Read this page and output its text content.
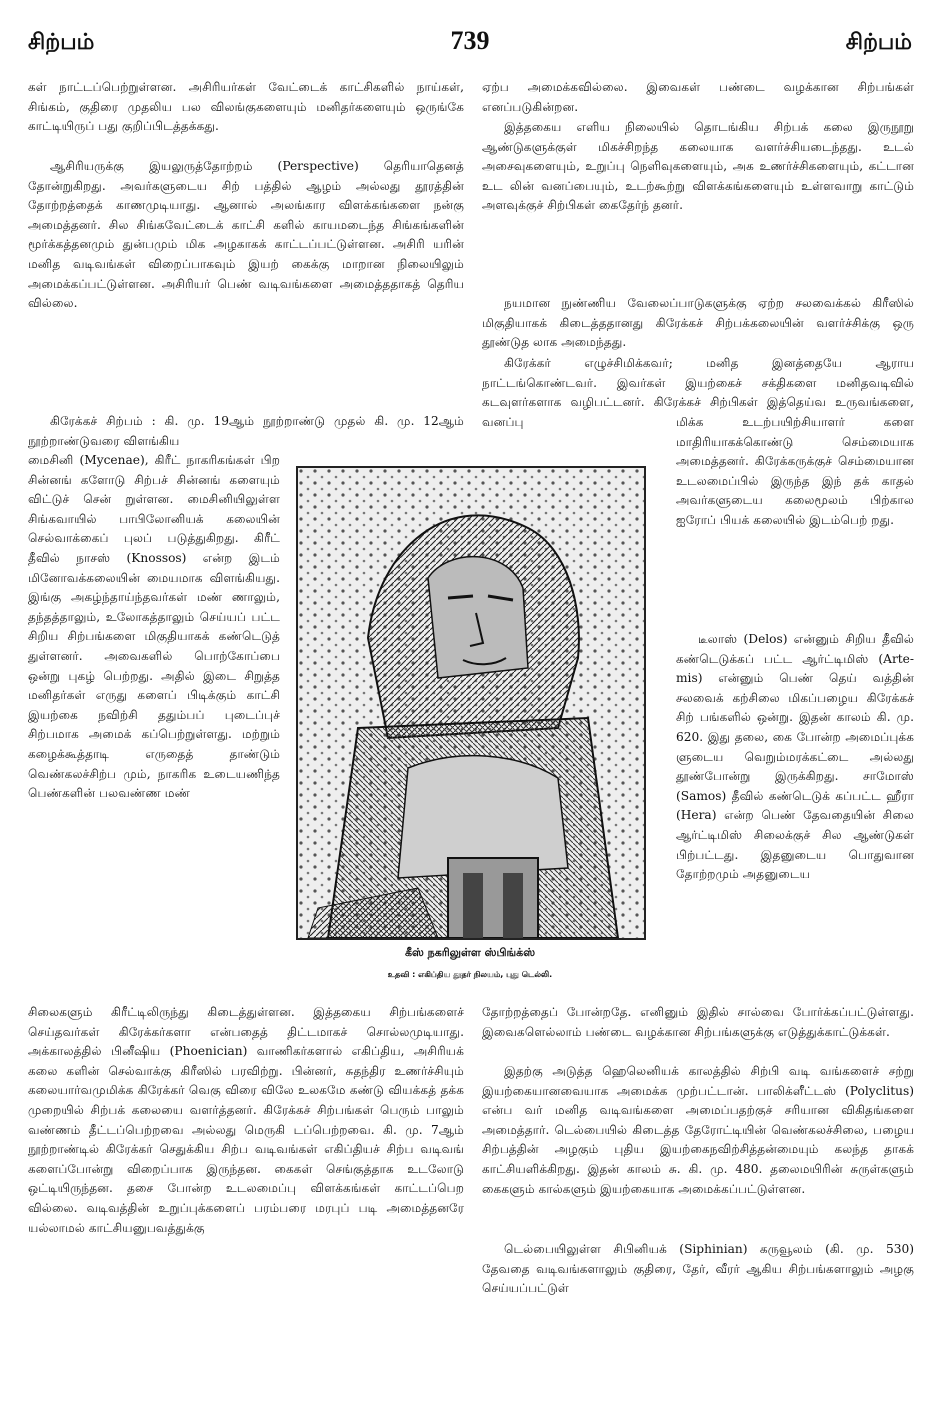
சிற்பம்	739	சிற்பம்

கள் நாட்டப்பெற்றுள்ளன. அசிரியர்கள் வேட்டைக் காட்சிகளில் நாய்கள், சிங்கம், குதிரை முதலிய பல விலங்குகளையும் மனிதர்களையும் ஒருங்கே காட்டியிருப் பது குறிப்பிடத்தக்கது.

ஆசிரியருக்கு இயலுருத்தோற்றம் (Perspective) தெரியாதெனத் தோன்றுகிறது. அவர்களுடைய சிற் பத்தில் ஆழம் அல்லது தூரத்தின் தோற்றத்தைக் காணமுடியாது. ஆனால் அலங்கார விளக்கங்களை நன்கு அமைத்தனர். சில சிங்கவேட்டைக் காட்சி களில் காயமடைந்த சிங்கங்களின் மூர்க்கத்தனமும் துன்பமும் மிக அழகாகக் காட்டப்பட்டுள்ளன. அசிரி யரின் மனித வடிவங்கள் விறைப்பாகவும் இயற் கைக்கு மாறான நிலையிலும் அமைக்கப்பட்டுள்ளன. அசிரியர் பெண் வடிவங்களை அமைத்ததாகத் தெரிய வில்லை.

கிரேக்கச் சிற்பம் : கி. மு. 19ஆம் நூற்றாண்டு முதல் கி. மு. 12ஆம் நூற்றாண்டுவரை விளங்கிய

மைசினி (Mycenae), கிரீட் நாகரிகங்கள் பிற சின்னங் களோடு சிற்பச் சின்னங் களையும் விட்டுச் சென் றுள்ளன. மைசினியிலுள்ள சிங்கவாயில் பாபிலோனியக் கலையின் செல்வாக்கைப் புலப் படுத்துகிறது. கிரீட் தீவில் நாசஸ் (Knossos) என்ற இடம் மினோவக்கலையின் மையமாக விளங்கியது. இங்கு அகழ்ந்தாய்ந்தவர்கள் மண் ணாலும், தந்தத்தாலும், உலோகத்தாலும் செய்யப் பட்ட சிறிய சிற்பங்களை மிகுதியாகக் கண்டெடுத் துள்ளனர். அவைகளில் பொற்கோப்பை ஒன்று புகழ் பெற்றது. அதில் இடை சிறுத்த மனிதர்கள் எருது களைப் பிடிக்கும் காட்சி இயற்கை நவிற்சி ததும்பப் புடைப்புச் சிற்பமாக அமைக் கப்பெற்றுள்ளது. மற்றும் கழைக்கூத்தாடி எருதைத் தாண்டும் வெண்கலச்சிற்ப மும், நாகரிக உடையணிந்த பெண்களின் பலவண்ண மண்

சிலைகளும் கிரீட்டிலிருந்து கிடைத்துள்ளன. இத்தகைய சிற்பங்களைச் செய்தவர்கள் கிரேக்கர்களா என்பதைத் திட்டமாகச் சொல்லமுடியாது. அக்காலத்தில் பினீஷிய (Phoenician) வாணிகர்களால் எகிப்திய, அசிரியக் கலை களின் செல்வாக்கு கிரீஸில் பரவிற்று. பின்னர், சுதந்திர உணர்ச்சியும் கலையார்வமுமிக்க கிரேக்கர் வெகு விரை விலே உலகமே கண்டு வியக்கத் தக்க முறையில் சிற்பக் கலையை வளர்த்தனர். கிரேக்கச் சிற்பங்கள் பெரும் பாலும் வண்ணம் தீட்டப்பெற்றவை அல்லது மெருகி டப்பெற்றவை. கி. மு. 7ஆம் நூற்றாண்டில் கிரேக்கர் செதுக்கிய சிற்ப வடிவங்கள் எகிப்தியச் சிற்ப வடிவங் களைப்போன்று விறைப்பாக இருந்தன. கைகள் செங்குத்தாக உடலோடு ஒட்டியிருந்தன. தசை போன்ற உடலமைப்பு விளக்கங்கள் காட்டப்பெற வில்லை. வடிவத்தின் உறுப்புக்களைப் பரம்பரை மரபுப் படி அமைத்தனரே யல்லாமல் காட்சியனுபவத்துக்கு

ஏற்ப அமைக்கவில்லை. இவைகள் பண்டை வழக்கான சிற்பங்கள் எனப்படுகின்றன.

இத்தகைய எளிய நிலையில் தொடங்கிய சிற்பக் கலை இருநூறு ஆண்டுகளுக்குள் மிகச்சிறந்த கலையாக வளர்ச்சியடைந்தது. உடல் அசைவுகளையும், உறுப்பு நெளிவுகளையும், அக உணர்ச்சிகளையும், கட்டான உட லின் வனப்பையும், உடற்கூற்று விளக்கங்களையும் உள்ளவாறு காட்டும் அளவுக்குச் சிற்பிகள் கைதேர்ந் தனர்.

நயமான நுண்ணிய வேலைப்பாடுகளுக்கு ஏற்ற சலவைக்கல் கிரீஸில் மிகுதியாகக் கிடைத்ததானது கிரேக்கச் சிற்பக்கலையின் வளர்ச்சிக்கு ஒரு தூண்டுத லாக அமைந்தது.

கிரேக்கர் எழுச்சிமிக்கவர்; மனித இனத்தையே ஆராய நாட்டங்கொண்டவர். இவர்கள் இயற்கைச் சக்திகளை மனிதவடிவில் கடவுளர்களாக வழிபட்டனர். கிரேக்கச் சிற்பிகள் இத்தெய்வ உருவங்களை, வனப்பு	மிக்க உடற்பயிற்சியாளர் களை மாதிரியாகக்கொண்டு செம்மையாக அமைத்தனர். கிரேக்கருக்குச் செம்மையான உடலமைப்பில் இருந்த இந் தக் காதல் அவர்களுடைய கலைமூலம் பிற்கால ஐரோப் பியக் கலையில் இடம்பெற் றது.

டீலாஸ் (Delos) என்னும் சிறிய தீவில் கண்டெடுக்கப் பட்ட ஆர்ட்டிமிஸ் (Arte- mis) என்னும் பெண் தெய் வத்தின் சலவைக் கற்சிலை மிகப்பழைய கிரேக்கச் சிற் பங்களில் ஒன்று. இதன் காலம் கி. மு. 620. இது தலை, கை போன்ற அமைப்புக்க ளுடைய வெறும்மரக்கட்டை அல்லது தூண்போன்று இருக்கிறது. சாமோஸ் (Samos) தீவில் கண்டெடுக் கப்பட்ட ஹீரா (Hera) என்ற பெண் தேவதையின் சிலை ஆர்ட்டிமிஸ் சிலைக்குச் சில ஆண்டுகள் பிற்பட்டது. இதனுடைய பொதுவான தோற்றமும் அதனுடைய

தோற்றத்தைப் போன்றதே. எனினும் இதில் சால்வை போர்க்கப்பட்டுள்ளது. இவைகளெல்லாம் பண்டை வழக்கான சிற்பங்களுக்கு எடுத்துக்காட்டுக்கள்.

இதற்கு அடுத்த ஹெலெனியக் காலத்தில் சிற்பி வடி வங்களைச் சற்று இயற்கையானவையாக அமைக்க முற்பட்டான். பாலிக்ளீட்டஸ் (Polyclitus) என்ப வர் மனித வடிவங்களை அமைப்பதற்குச் சரியான விகிதங்களை அமைத்தார். டெல்பையில் கிடைத்த தேரோட்டியின் வெண்கலச்சிலை, பழைய சிற்பத்தின் அழகும் புதிய இயற்கைநவிற்சித்தன்மையும் கலந்த தாகக் காட்சியளிக்கிறது. இதன் காலம் சு. கி. மு. 480. தலைமயிரின் சுருள்களும் கைகளும் கால்களும் இயற்கையாக அமைக்கப்பட்டுள்ளன.

டெல்பையிலுள்ள சிபினியக் (Siphinian) கருவூலம் (கி. மு. 530) தேவதை வடிவங்களாலும் குதிரை, தேர், வீரர் ஆகிய சிற்பங்களாலும் அழகு செய்யப்பட்டுள்

கீஸ் நகரிலுள்ள ஸ்பிங்க்ஸ்
உதவி : எகிப்திய தூதர் நிலயம், புது டெல்லி.
